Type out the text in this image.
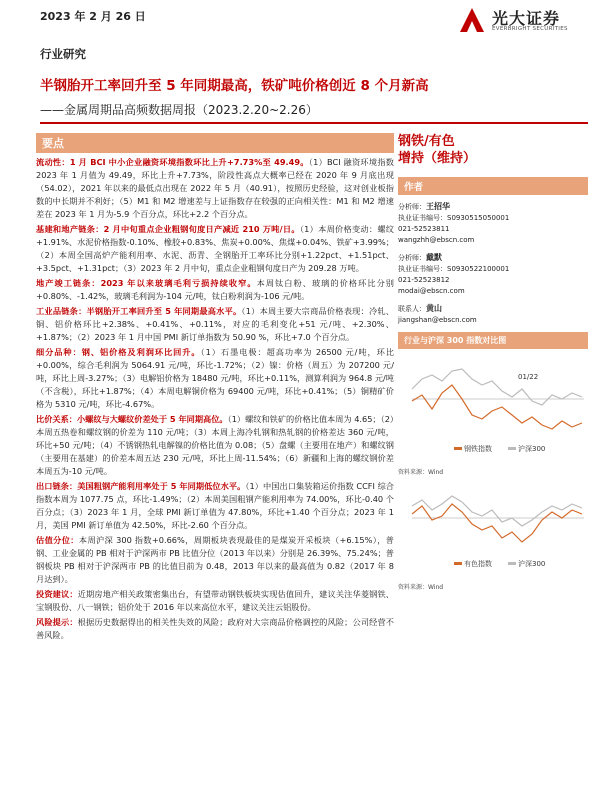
2023 年 2 月 26 日	光大证券
EVERBRIGHT SECURITIES
行业研究
半钢胎开工率回升至 5 年同期最高，铁矿吨价格创近 8 个月新高
——金属周期品高频数据周报（2023.2.20~2.26）
要点
流动性：1 月 BCI 中小企业融资环境指数环比上升+7.73%至 49.49。（1）BCI 融资环境指数 2023 年 1 月值为 49.49，环比上升+7.73%，阶段性高点大概率已经在 2020 年 9 月底出现（54.02），2021 年以来的最低点出现在 2022 年 5 月（40.91），按照历史经验，这对创业板指数的中长期并不利好；（5）M1 和 M2 增速差与上证指数存在较强的正向相关性：M1 和 M2 增速差在 2023 年 1 月为-5.9 个百分点，环比+2.2 个百分点。
基建和地产链条：2 月中旬重点企业粗钢旬度日产减近 210 万吨/日。（1）本周价格变动：螺纹+1.91%、水泥价格指数-0.10%、橡胶+0.83%、焦炭+0.00%、焦煤+0.04%、铁矿+3.99%；（2）本周全国高炉产能利用率、水泥、沥青、全钢胎开工率环比分别+1.22pct、+1.51pct、+3.5pct、+1.31pct；（3）2023 年 2 月中旬，重点企业粗钢旬度日产为 209.28 万吨。
地产竣工链条：2023 年以来玻璃毛利亏损持续收窄。本周钛白粉、玻璃的价格环比分别+0.80%、-1.42%，玻璃毛利润为-104 元/吨，钛白粉利润为-106 元/吨。
工业品链条：半钢胎开工率回升至 5 年同期最高水平。（1）本周主要大宗商品价格表现：冷轧、铜、铝价格环比+2.38%、+0.41%、+0.11%，对应的毛利变化+51 元/吨、+2.30%、+1.87%；（2）2023 年 1 月中国 PMI 新订单指数为 50.90 %，环比+7.0 个百分点。
细分品种：钢、铝价格及利润环比回升。（1）石墨电极：超高功率为 26500 元/吨，环比+0.00%，综合毛利润为 5064.91 元/吨，环比-1.72%；（2）镍：价格（周五）为 207200 元/吨，环比上周-3.27%；（3）电解铝价格为 18480 元/吨，环比+0.11%，测算利润为 964.8 元/吨（不含税），环比+1.87%；（4）本周电解铜价格为 69400 元/吨，环比+0.41%；（5）铜精矿价格为 5310 元/吨，环比-4.67%。
比价关系：小螺纹与大螺纹价差处于 5 年同期高位。（1）螺纹和铁矿的价格比值本周为 4.65；（2）本周五热卷和螺纹钢的价差为 110 元/吨；（3）本周上海冷轧钢和热轧钢的价格差达 360 元/吨，环比+50 元/吨；（4）不锈钢热轧电解镍的价格比值为 0.08；（5）盘螺（主要用在地产）和螺纹钢（主要用在基建）的价差本周五达 230 元/吨，环比上周-11.54%；（6）新疆和上海的螺纹钢价差本周五为-10 元/吨。
出口链条：美国粗钢产能利用率处于 5 年同期低位水平。（1）中国出口集装箱运价指数 CCFI 综合指数本周为 1077.75 点，环比-1.49%；（2）本周美国粗钢产能利用率为 74.00%，环比-0.40 个百分点；（3）2023 年 1 月，全球 PMI 新订单值为 47.80%，环比+1.40 个百分点；2023 年 1 月，美国 PMI 新订单值为 42.50%，环比-2.60 个百分点。
估值分位：本周沪深 300 指数+0.66%，周期板块表现最佳的是煤炭开采板块（+6.15%），普钢、工业金属的 PB 相对于沪深两市 PB 比值分位（2013 年以来）分别是 26.39%、75.24%；普钢板块 PB 相对于沪深两市 PB 的比值目前为 0.48，2013 年以来的最高值为 0.82（2017 年 8 月达到）。
投资建议：近期房地产相关政策密集出台，有望带动钢铁板块实现估值回升，建议关注华菱钢铁、宝钢股份、八一钢铁；铝价处于 2016 年以来高位水平，建议关注云铝股份。
风险提示：根据历史数据得出的相关性失效的风险；政府对大宗商品价格调控的风险；公司经营不善风险。
钢铁/有色
增持（维持）
作者
分析师：王招华
执业证书编号：S0930515050001
021-52523811
wangzhh@ebscn.com
分析师：戴默
执业证书编号：S0930522100001
021-52523812
modai@ebscn.com
联系人：黄山
jiangshan@ebscn.com
行业与沪深 300 指数对比图
01/22
钢铁指数	沪深300
资料来源：Wind
有色指数	沪深300
资料来源：Wind
